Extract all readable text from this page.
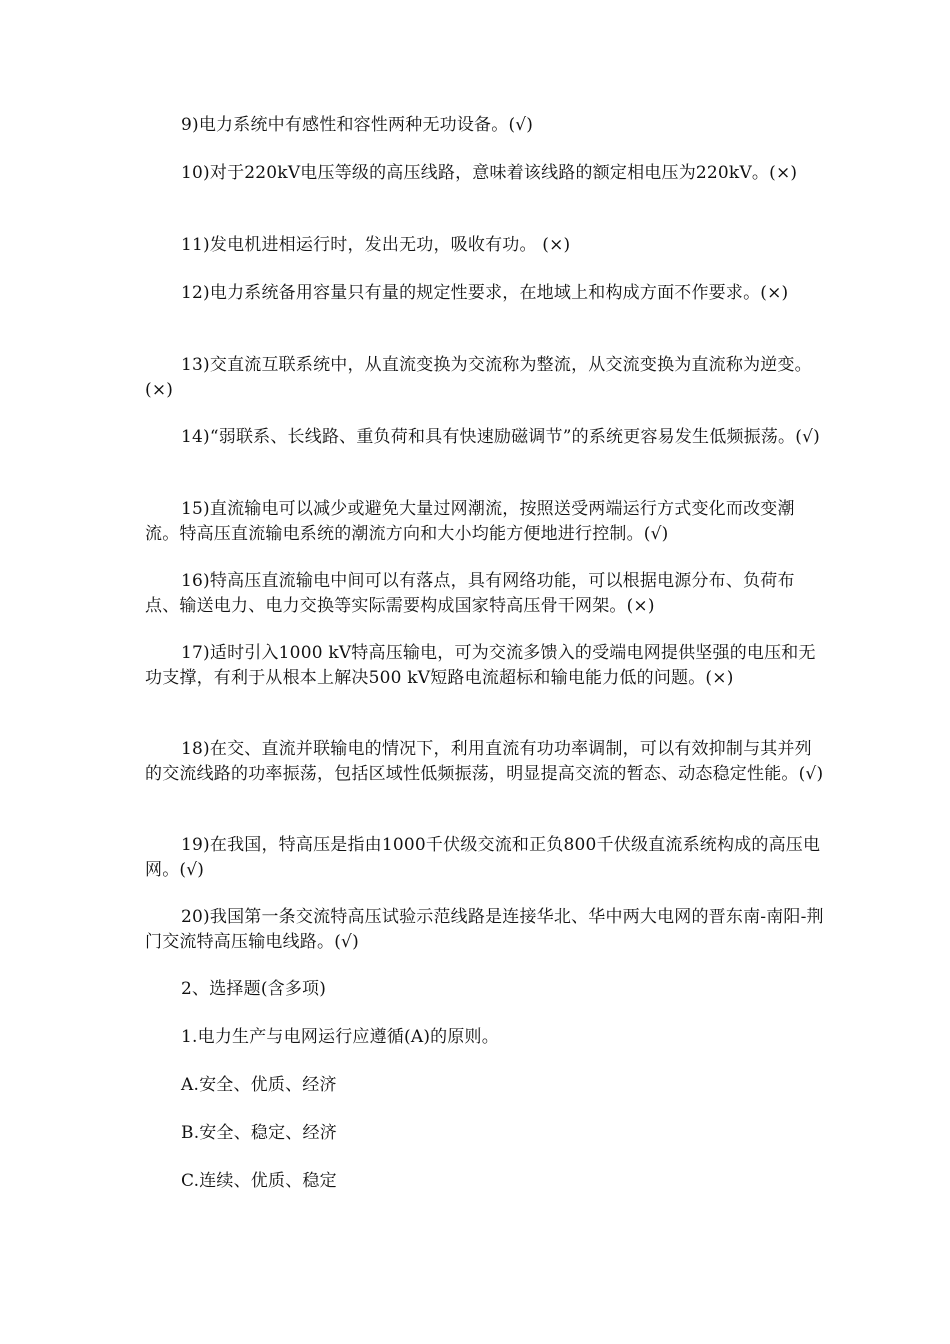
9)电力系统中有感性和容性两种无功设备。(√)

10)对于220kV电压等级的高压线路，意味着该线路的额定相电压为220kV。(×)

11)发电机进相运行时，发出无功，吸收有功。 (×)

12)电力系统备用容量只有量的规定性要求，在地域上和构成方面不作要求。(×)

13)交直流互联系统中，从直流变换为交流称为整流，从交流变换为直流称为逆变。(×)

14)“弱联系、长线路、重负荷和具有快速励磁调节”的系统更容易发生低频振荡。(√)

15)直流输电可以减少或避免大量过网潮流，按照送受两端运行方式变化而改变潮流。特高压直流输电系统的潮流方向和大小均能方便地进行控制。(√)

16)特高压直流输电中间可以有落点，具有网络功能，可以根据电源分布、负荷布点、输送电力、电力交换等实际需要构成国家特高压骨干网架。(×)

17)适时引入1000 kV特高压输电，可为交流多馈入的受端电网提供坚强的电压和无功支撑，有利于从根本上解决500 kV短路电流超标和输电能力低的问题。(×)

18)在交、直流并联输电的情况下，利用直流有功功率调制，可以有效抑制与其并列的交流线路的功率振荡，包括区域性低频振荡，明显提高交流的暂态、动态稳定性能。(√)

19)在我国，特高压是指由1000千伏级交流和正负800千伏级直流系统构成的高压电网。(√)

20)我国第一条交流特高压试验示范线路是连接华北、华中两大电网的晋东南-南阳-荆门交流特高压输电线路。(√)

2、选择题(含多项)

1.电力生产与电网运行应遵循(A)的原则。

A.安全、优质、经济

B.安全、稳定、经济

C.连续、优质、稳定
